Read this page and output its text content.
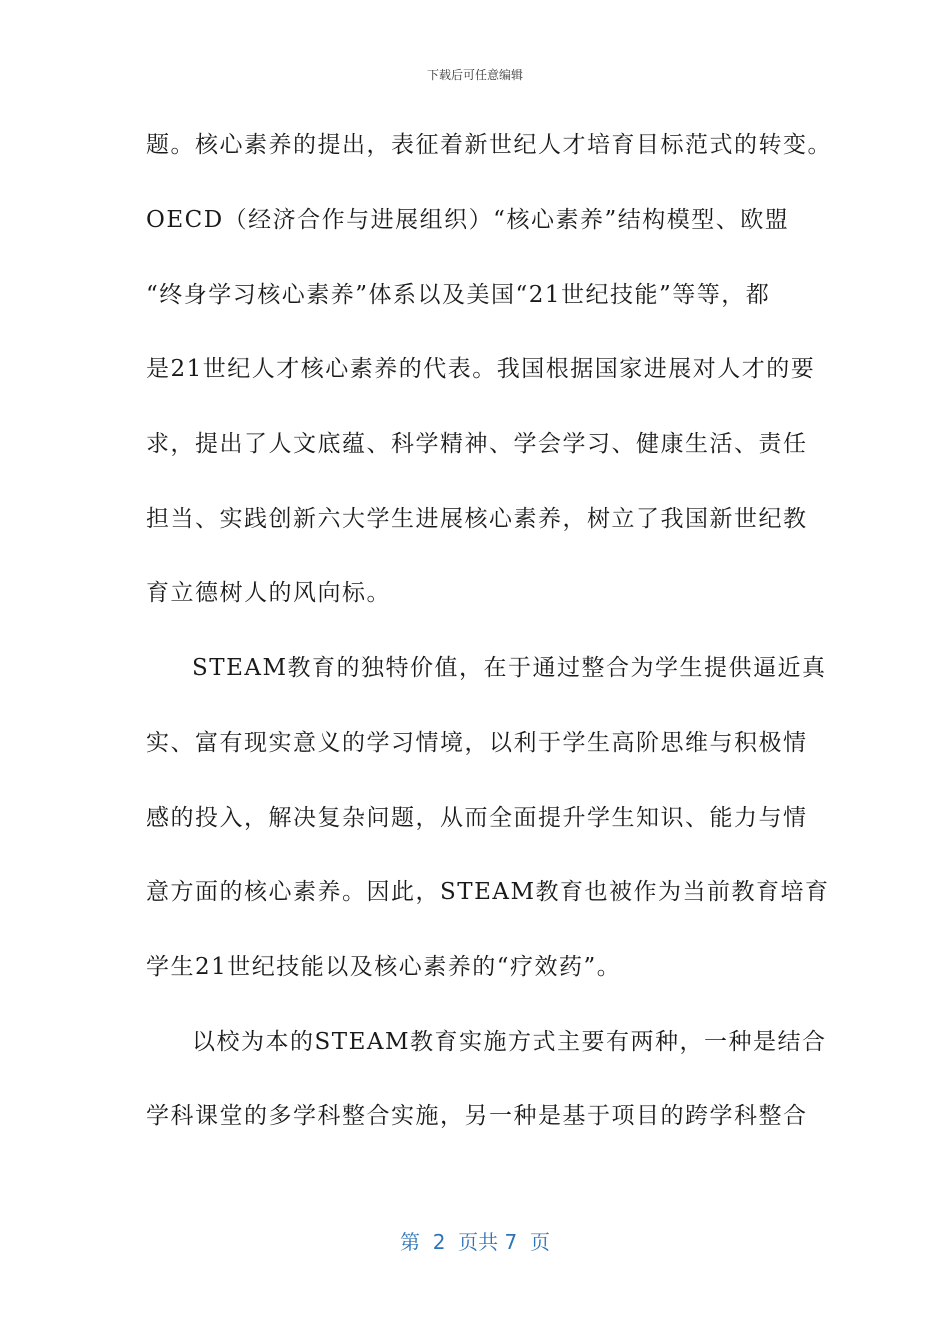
下载后可任意编辑
题。核心素养的提出，表征着新世纪人才培育目标范式的转变。
OECD（经济合作与进展组织）“核心素养”结构模型、欧盟
“终身学习核心素养”体系以及美国“21世纪技能”等等，都
是21世纪人才核心素养的代表。我国根据国家进展对人才的要
求，提出了人文底蕴、科学精神、学会学习、健康生活、责任
担当、实践创新六大学生进展核心素养，树立了我国新世纪教
育立德树人的风向标。
STEAM教育的独特价值，在于通过整合为学生提供逼近真
实、富有现实意义的学习情境，以利于学生高阶思维与积极情
感的投入，解决复杂问题，从而全面提升学生知识、能力与情
意方面的核心素养。因此，STEAM教育也被作为当前教育培育
学生21世纪技能以及核心素养的“疗效药”。
以校为本的STEAM教育实施方式主要有两种，一种是结合
学科课堂的多学科整合实施，另一种是基于项目的跨学科整合
第  2  页共 7  页
